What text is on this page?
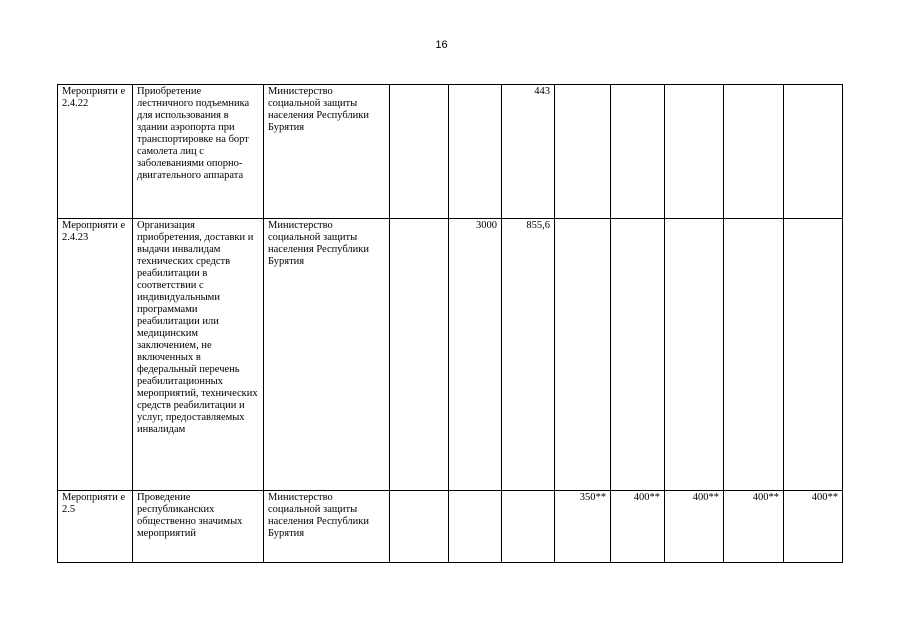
16
Мероприяти е 2.4.22	Приобретение лестничного подъемника для использования в здании аэропорта при транспортировке на борт самолета лиц с заболеваниями опорно-двигательного аппарата	Министерство социальной защиты населения Республики Бурятия			443					
Мероприяти е 2.4.23	Организация приобретения, доставки и выдачи инвалидам технических средств реабилитации в соответствии с индивидуальными программами реабилитации или медицинским заключением, не включенных в федеральный перечень реабилитационных мероприятий, технических средств реабилитации и услуг, предоставляемых инвалидам	Министерство социальной защиты населения Республики Бурятия		3000	855,6					
Мероприяти е 2.5	Проведение республиканских общественно значимых мероприятий	Министерство социальной защиты населения Республики Бурятия				350**	400**	400**	400**	400**
